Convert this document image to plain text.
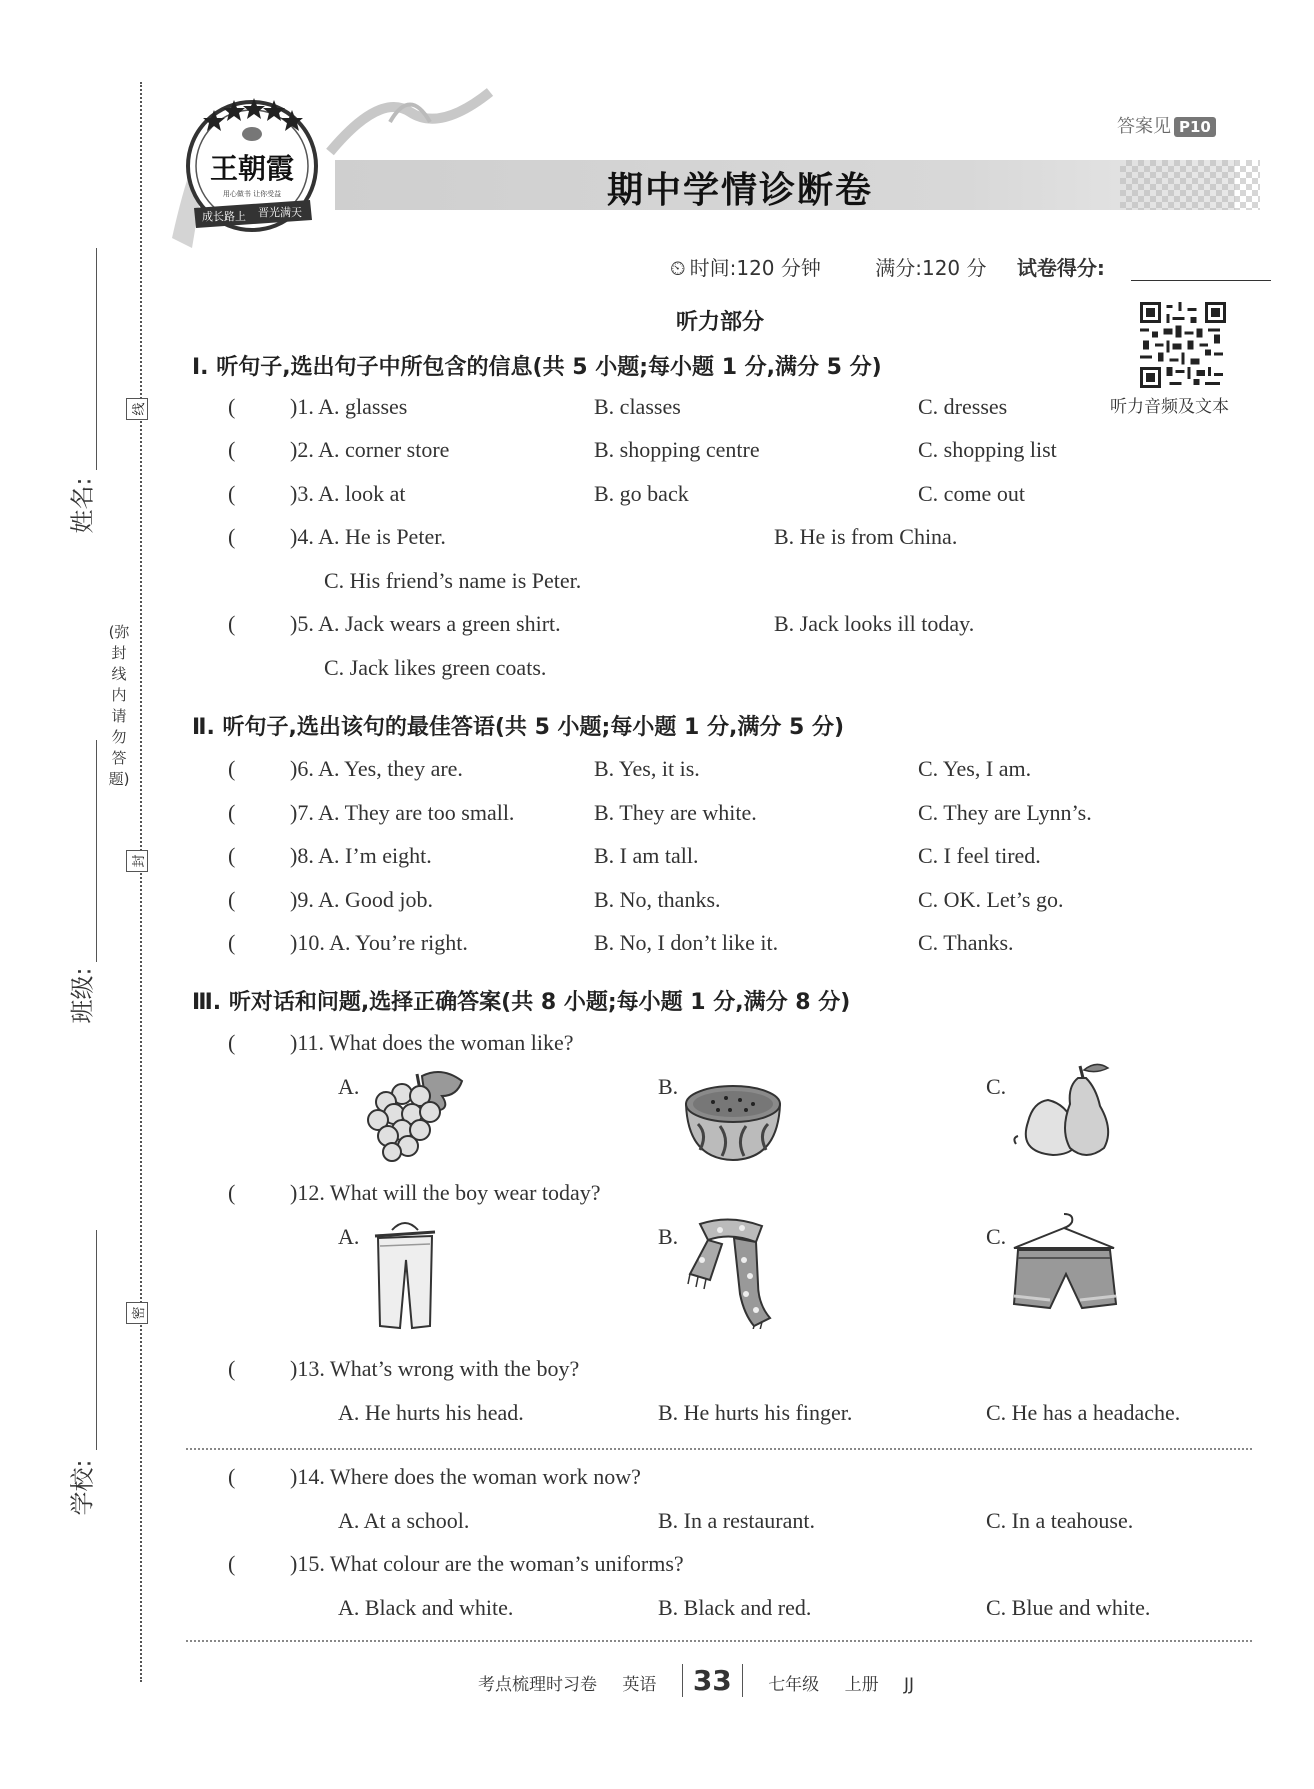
线
封
密
(弥封线内请勿答题)
姓名:
班级:
学校:
王朝霞
用心做书 让你受益
成长路上 晋光满天
答案见 P10
期中学情诊断卷
⏲ 时间:120 分钟	满分:120 分 试卷得分:
听力音频及文本
听力部分
Ⅰ. 听句子,选出句子中所包含的信息(共 5 小题;每小题 1 分,满分 5 分)
( )1. A. glasses	B. classes	C. dresses
( )2. A. corner store	B. shopping centre	C. shopping list
( )3. A. look at	B. go back	C. come out
( )4. A. He is Peter.	B. He is from China.
C. His friend’s name is Peter.
( )5. A. Jack wears a green shirt.	B. Jack looks ill today.
C. Jack likes green coats.
Ⅱ. 听句子,选出该句的最佳答语(共 5 小题;每小题 1 分,满分 5 分)
( )6. A. Yes, they are.	B. Yes, it is.	C. Yes, I am.
( )7. A. They are too small.	B. They are white.	C. They are Lynn’s.
( )8. A. I’m eight.	B. I am tall.	C. I feel tired.
( )9. A. Good job.	B. No, thanks.	C. OK. Let’s go.
( )10. A. You’re right.	B. No, I don’t like it.	C. Thanks.
Ⅲ. 听对话和问题,选择正确答案(共 8 小题;每小题 1 分,满分 8 分)
( )11. What does the woman like?
A.	B.	C.
( )12. What will the boy wear today?
A.	B.	C.
( )13. What’s wrong with the boy?
A. He hurts his head.	B. He hurts his finger.	C. He has a headache.
( )14. Where does the woman work now?
A. At a school.	B. In a restaurant.	C. In a teahouse.
( )15. What colour are the woman’s uniforms?
A. Black and white.	B. Black and red.	C. Blue and white.
考点梳理时习卷 英语 33 七年级 上册 JJ
